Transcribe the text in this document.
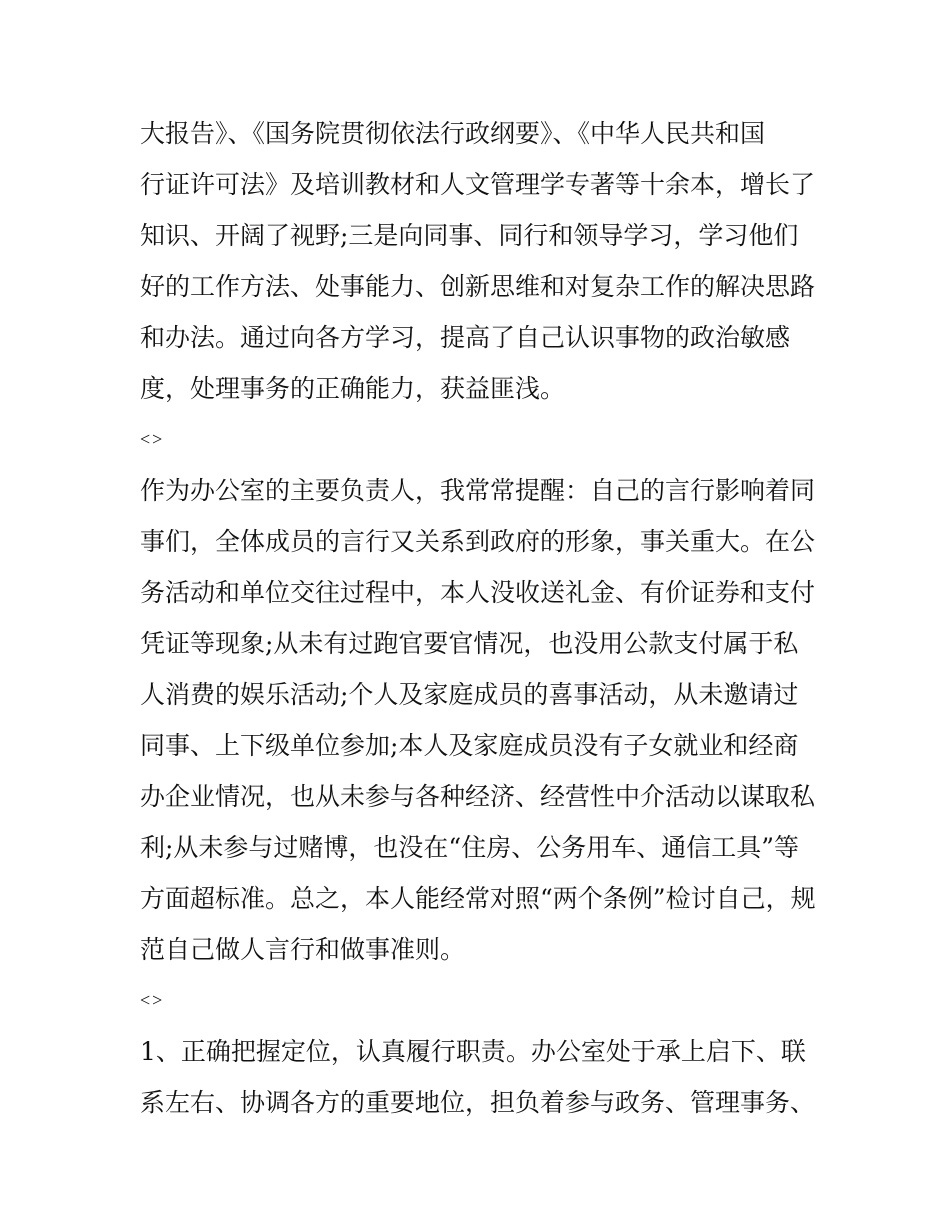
大报告》、《国务院贯彻依法行政纲要》、《中华人民共和国
行证许可法》及培训教材和人文管理学专著等十余本，增长了
知识、开阔了视野;三是向同事、同行和领导学习，学习他们
好的工作方法、处事能力、创新思维和对复杂工作的解决思路
和办法。通过向各方学习，提高了自己认识事物的政治敏感
度，处理事务的正确能力，获益匪浅。
<>
作为办公室的主要负责人，我常常提醒：自己的言行影响着同
事们，全体成员的言行又关系到政府的形象，事关重大。在公
务活动和单位交往过程中，本人没收送礼金、有价证券和支付
凭证等现象;从未有过跑官要官情况，也没用公款支付属于私
人消费的娱乐活动;个人及家庭成员的喜事活动，从未邀请过
同事、上下级单位参加;本人及家庭成员没有子女就业和经商
办企业情况，也从未参与各种经济、经营性中介活动以谋取私
利;从未参与过赌博，也没在“住房、公务用车、通信工具”等
方面超标准。总之，本人能经常对照“两个条例”检讨自己，规
范自己做人言行和做事准则。
<>
1、正确把握定位，认真履行职责。办公室处于承上启下、联
系左右、协调各方的重要地位，担负着参与政务、管理事务、
